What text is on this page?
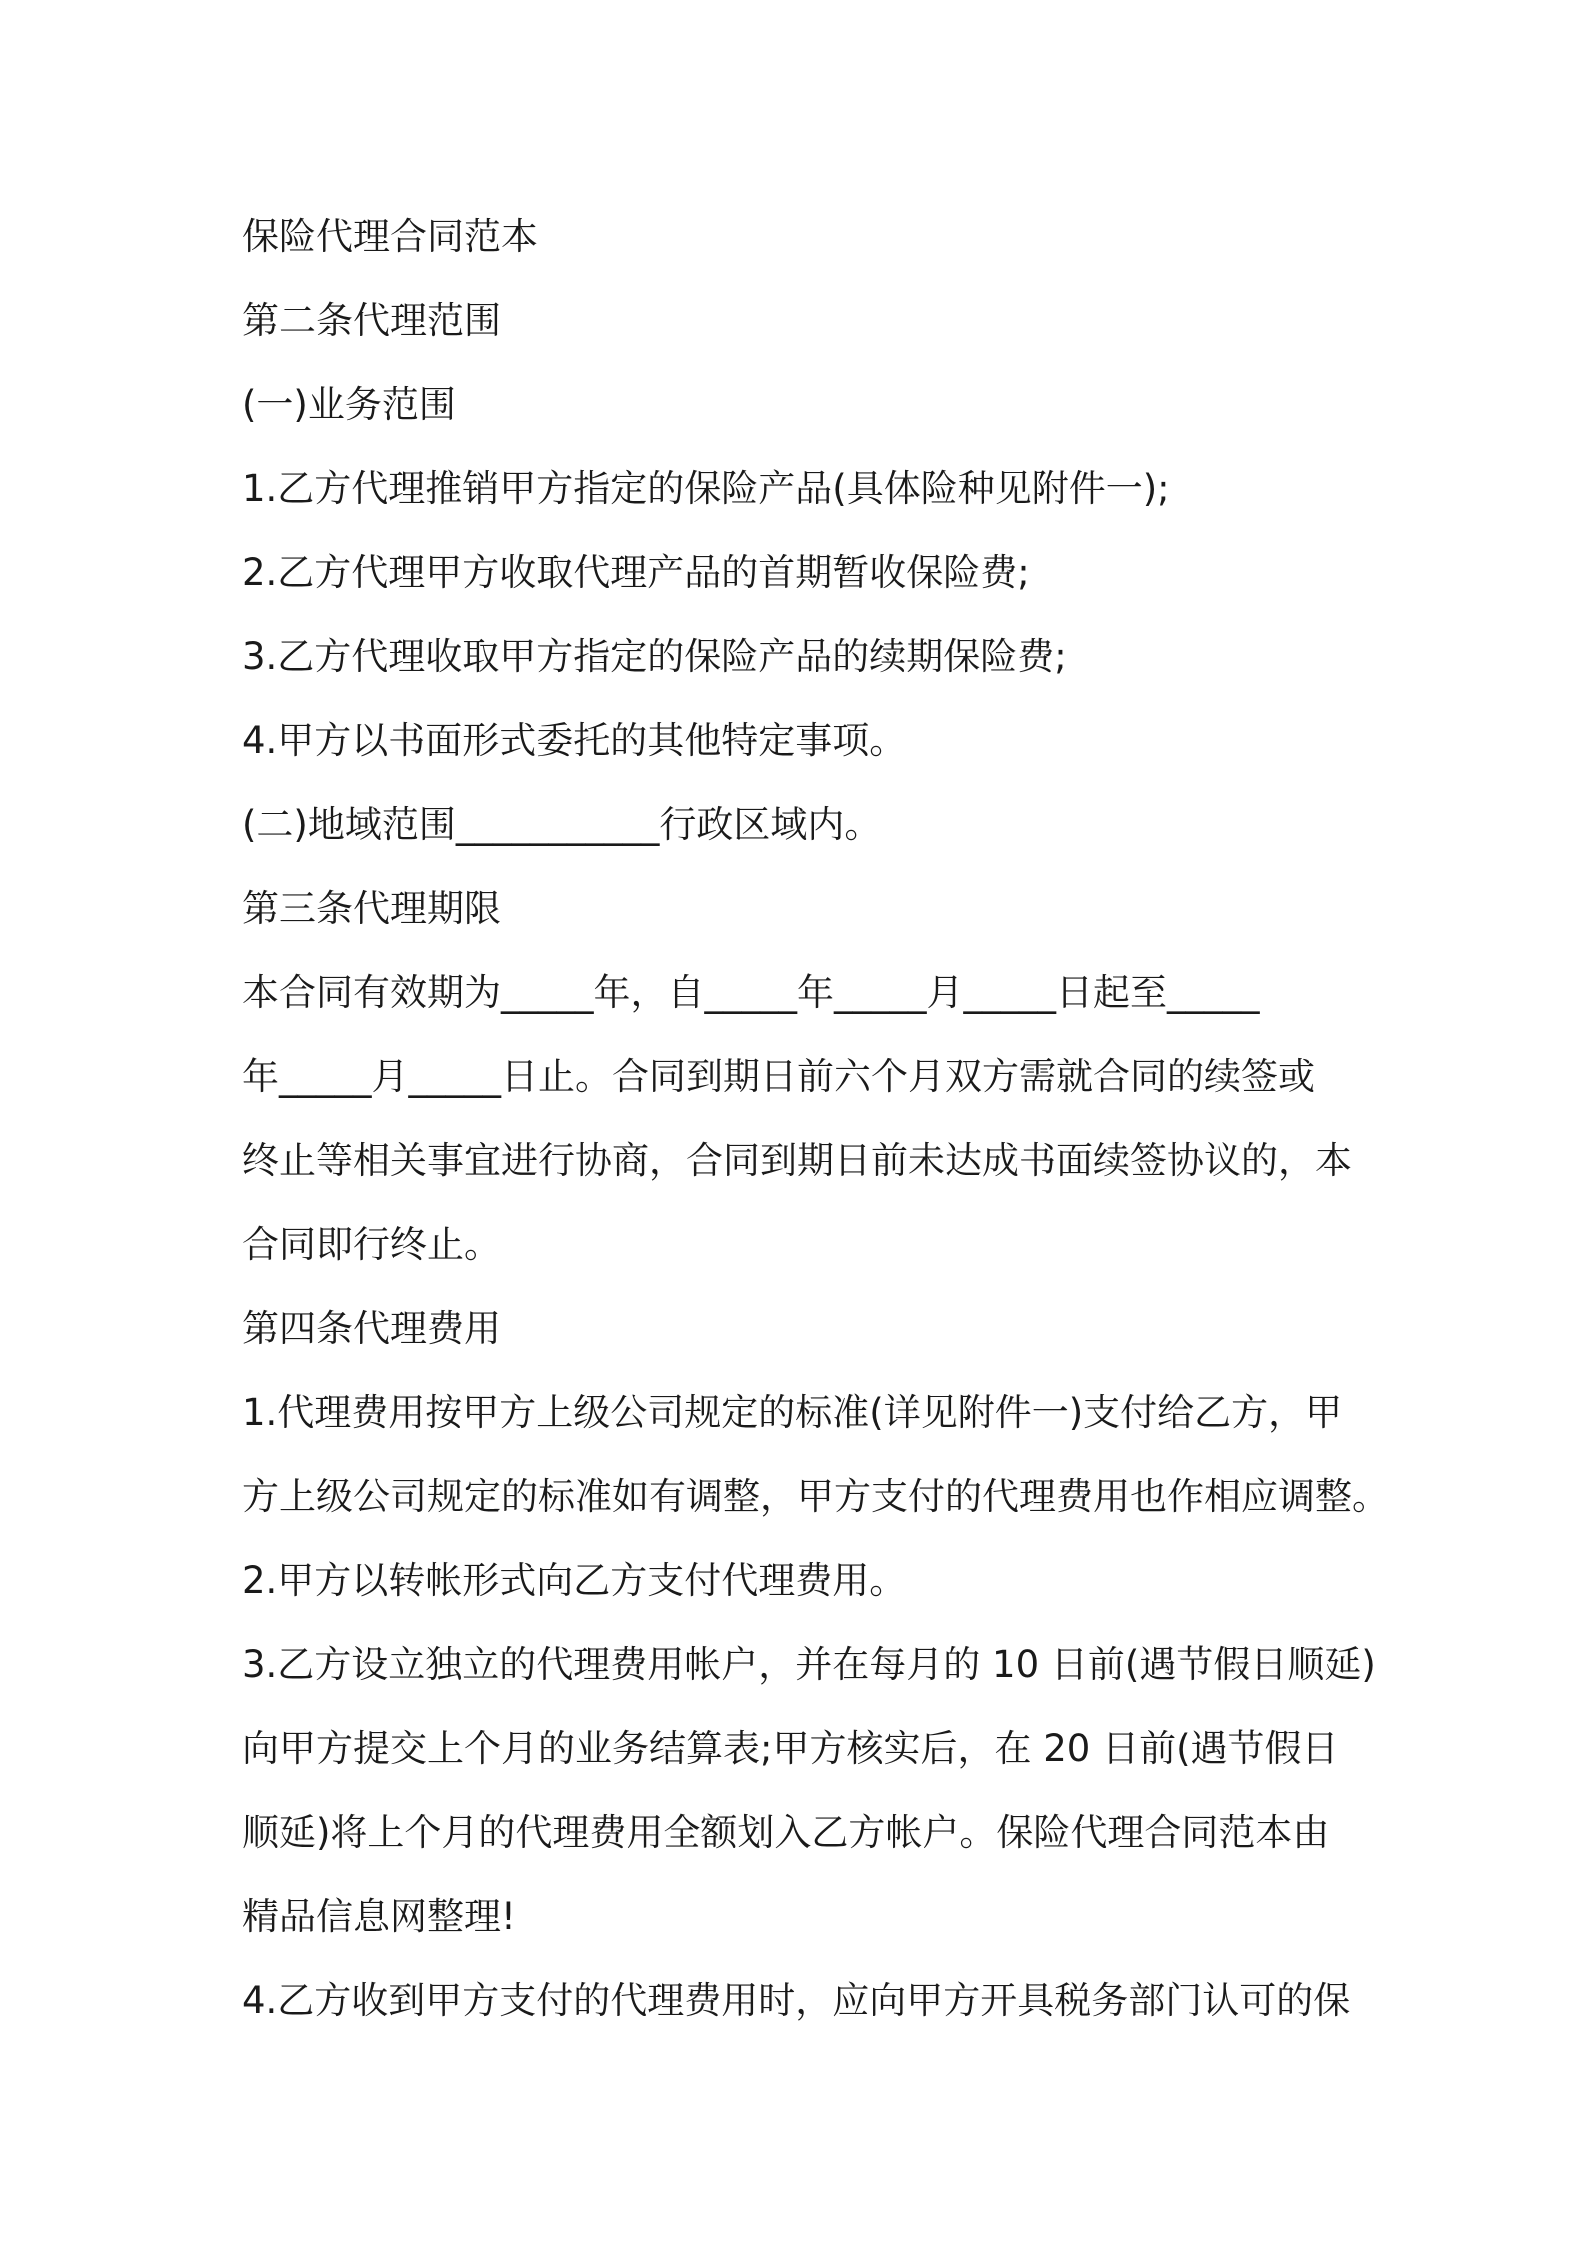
保险代理合同范本
第二条代理范围
(一)业务范围
1.乙方代理推销甲方指定的保险产品(具体险种见附件一);
2.乙方代理甲方收取代理产品的首期暂收保险费;
3.乙方代理收取甲方指定的保险产品的续期保险费;
4.甲方以书面形式委托的其他特定事项。
(二)地域范围___________行政区域内。
第三条代理期限
本合同有效期为_____年，自_____年_____月_____日起至_____
年_____月_____日止。合同到期日前六个月双方需就合同的续签或
终止等相关事宜进行协商，合同到期日前未达成书面续签协议的，本
合同即行终止。
第四条代理费用
1.代理费用按甲方上级公司规定的标准(详见附件一)支付给乙方，甲
方上级公司规定的标准如有调整，甲方支付的代理费用也作相应调整。
2.甲方以转帐形式向乙方支付代理费用。
3.乙方设立独立的代理费用帐户，并在每月的 10 日前(遇节假日顺延)
向甲方提交上个月的业务结算表;甲方核实后，在 20 日前(遇节假日
顺延)将上个月的代理费用全额划入乙方帐户。保险代理合同范本由
精品信息网整理!
4.乙方收到甲方支付的代理费用时，应向甲方开具税务部门认可的保
